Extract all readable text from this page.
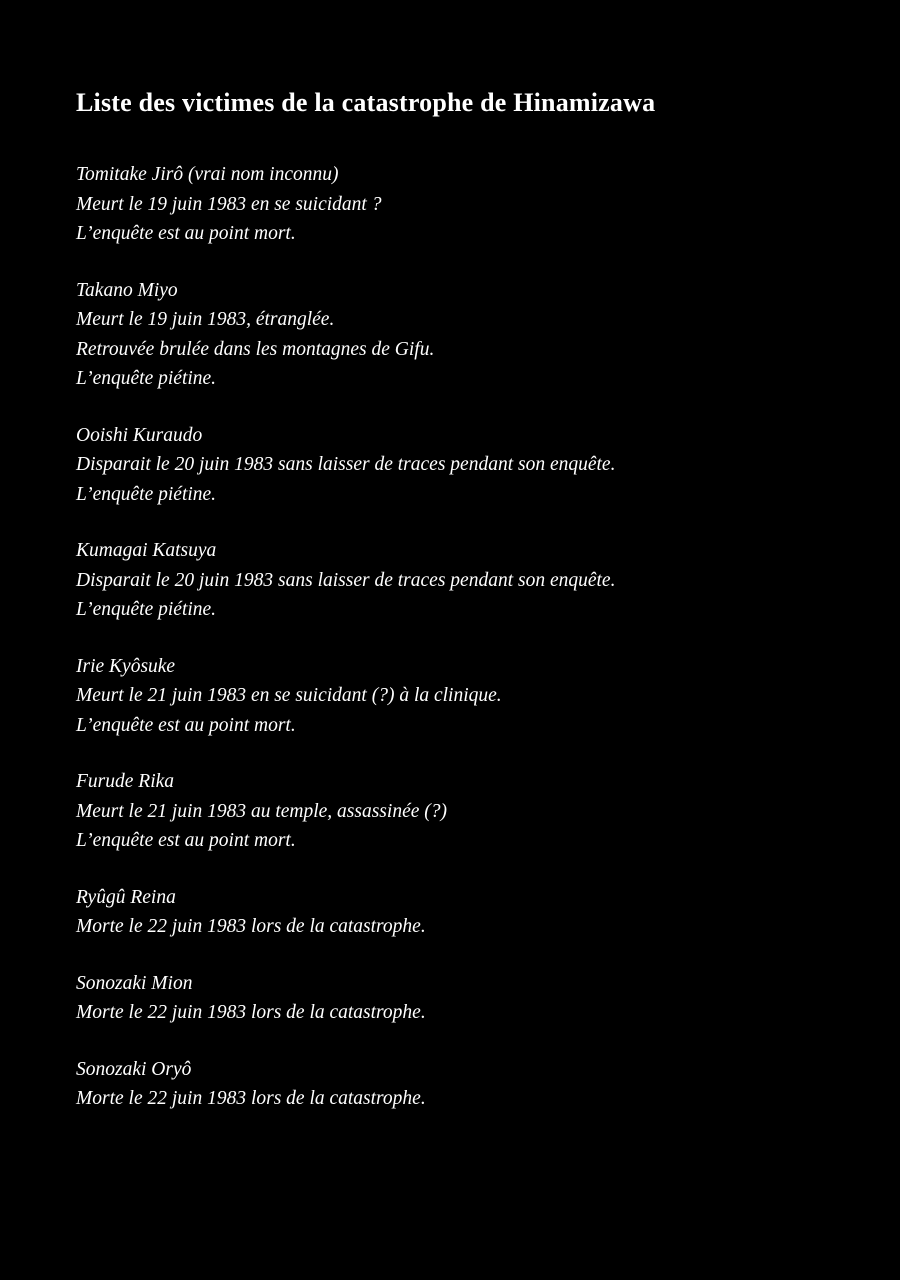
Liste des victimes de la catastrophe de Hinamizawa
Tomitake Jirô (vrai nom inconnu)
Meurt le 19 juin 1983 en se suicidant ?
L’enquête est au point mort.
Takano Miyo
Meurt le 19 juin 1983, étranglée.
Retrouvée brulée dans les montagnes de Gifu.
L’enquête piétine.
Ooishi Kuraudo
Disparait le 20 juin 1983 sans laisser de traces pendant son enquête.
L’enquête piétine.
Kumagai Katsuya
Disparait le 20 juin 1983 sans laisser de traces pendant son enquête.
L’enquête piétine.
Irie Kyôsuke
Meurt le 21 juin 1983 en se suicidant (?) à la clinique.
L’enquête est au point mort.
Furude Rika
Meurt le 21 juin 1983 au temple, assassinée (?)
L’enquête est au point mort.
Ryûgû Reina
Morte le 22 juin 1983 lors de la catastrophe.
Sonozaki Mion
Morte le 22 juin 1983 lors de la catastrophe.
Sonozaki Oryô
Morte le 22 juin 1983 lors de la catastrophe.
